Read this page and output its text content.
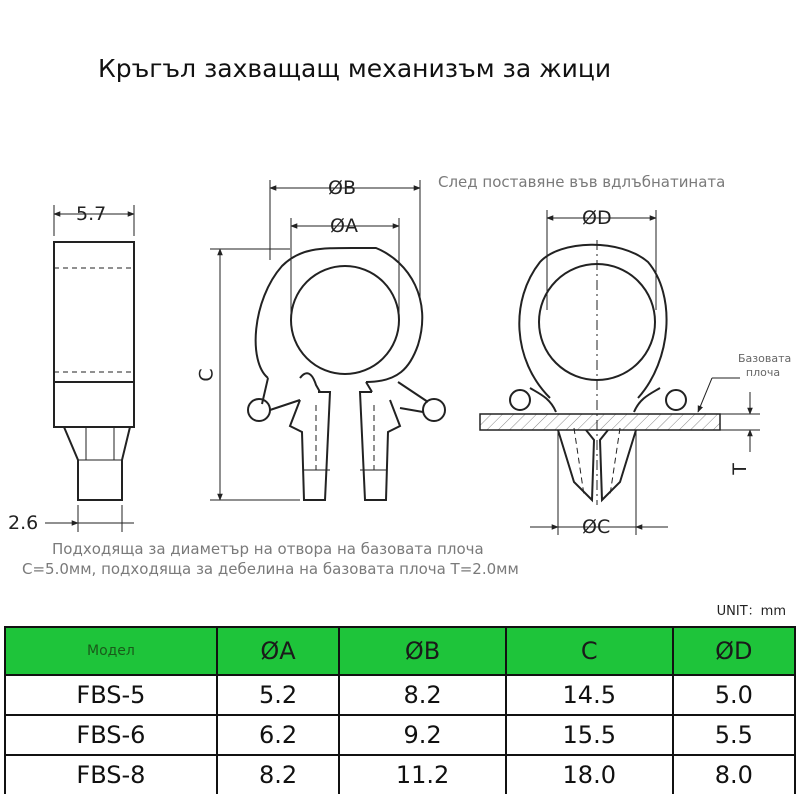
Кръгъл захващащ механизъм за жици
5.7
2.6
ØB
ØA
C
ØD
ØC
T
Базовата плоча
След поставяне във вдлъбнатината
Подходяща за диаметър на отвора на базовата плоча
C=5.0мм, подходяща за дебелина на базовата плоча T=2.0мм
UNIT：mm
Модел	ØA	ØB	C	ØD
FBS-5	5.2	8.2	14.5	5.0
FBS-6	6.2	9.2	15.5	5.5
FBS-8	8.2	11.2	18.0	8.0
